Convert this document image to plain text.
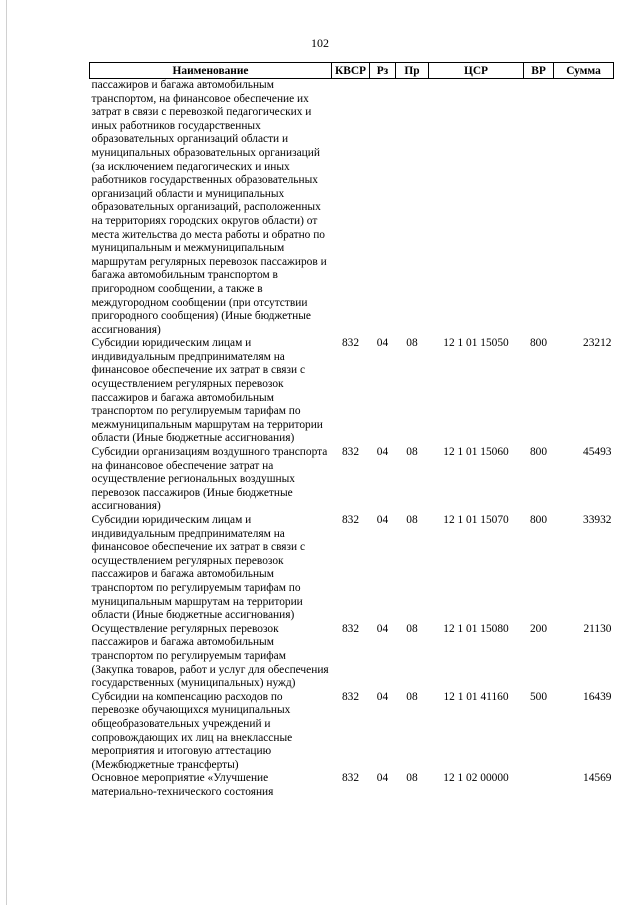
102
Наименование	КВСР	Рз	Пр	ЦСР	ВР	Сумма
пассажиров и багажа автомобильным транспортом, на финансовое обеспечение их затрат в связи с перевозкой педагогических и иных работников государственных образовательных организаций области и муниципальных образовательных организаций (за исключением педагогических и иных работников государственных образовательных организаций области и муниципальных образовательных организаций, расположенных на территориях городских округов области) от места жительства до места работы и обратно по муниципальным и межмуниципальным маршрутам регулярных перевозок пассажиров и багажа автомобильным транспортом в пригородном сообщении, а также в междугородном сообщении (при отсутствии пригородного сообщения) (Иные бюджетные ассигнования)						
Субсидии юридическим лицам и индивидуальным предпринимателям на финансовое обеспечение их затрат в связи с осуществлением регулярных перевозок пассажиров и багажа автомобильным транспортом по регулируемым тарифам по межмуниципальным маршрутам на территории области (Иные бюджетные ассигнования)	832	04	08	12 1 01 15050	800	23212
Субсидии организациям воздушного транспорта на финансовое обеспечение затрат на осуществление региональных воздушных перевозок пассажиров (Иные бюджетные ассигнования)	832	04	08	12 1 01 15060	800	45493
Субсидии юридическим лицам и индивидуальным предпринимателям на финансовое обеспечение их затрат в связи с осуществлением регулярных перевозок пассажиров и багажа автомобильным транспортом по регулируемым тарифам по муниципальным маршрутам на территории области (Иные бюджетные ассигнования)	832	04	08	12 1 01 15070	800	33932
Осуществление регулярных перевозок пассажиров и багажа автомобильным транспортом по регулируемым тарифам (Закупка товаров, работ и услуг для обеспечения государственных (муниципальных) нужд)	832	04	08	12 1 01 15080	200	21130
Субсидии на компенсацию расходов по перевозке обучающихся муниципальных общеобразовательных учреждений и сопровождающих их лиц на внеклассные мероприятия и итоговую аттестацию (Межбюджетные трансферты)	832	04	08	12 1 01 41160	500	16439
Основное мероприятие «Улучшение материально-технического состояния	832	04	08	12 1 02 00000		14569
